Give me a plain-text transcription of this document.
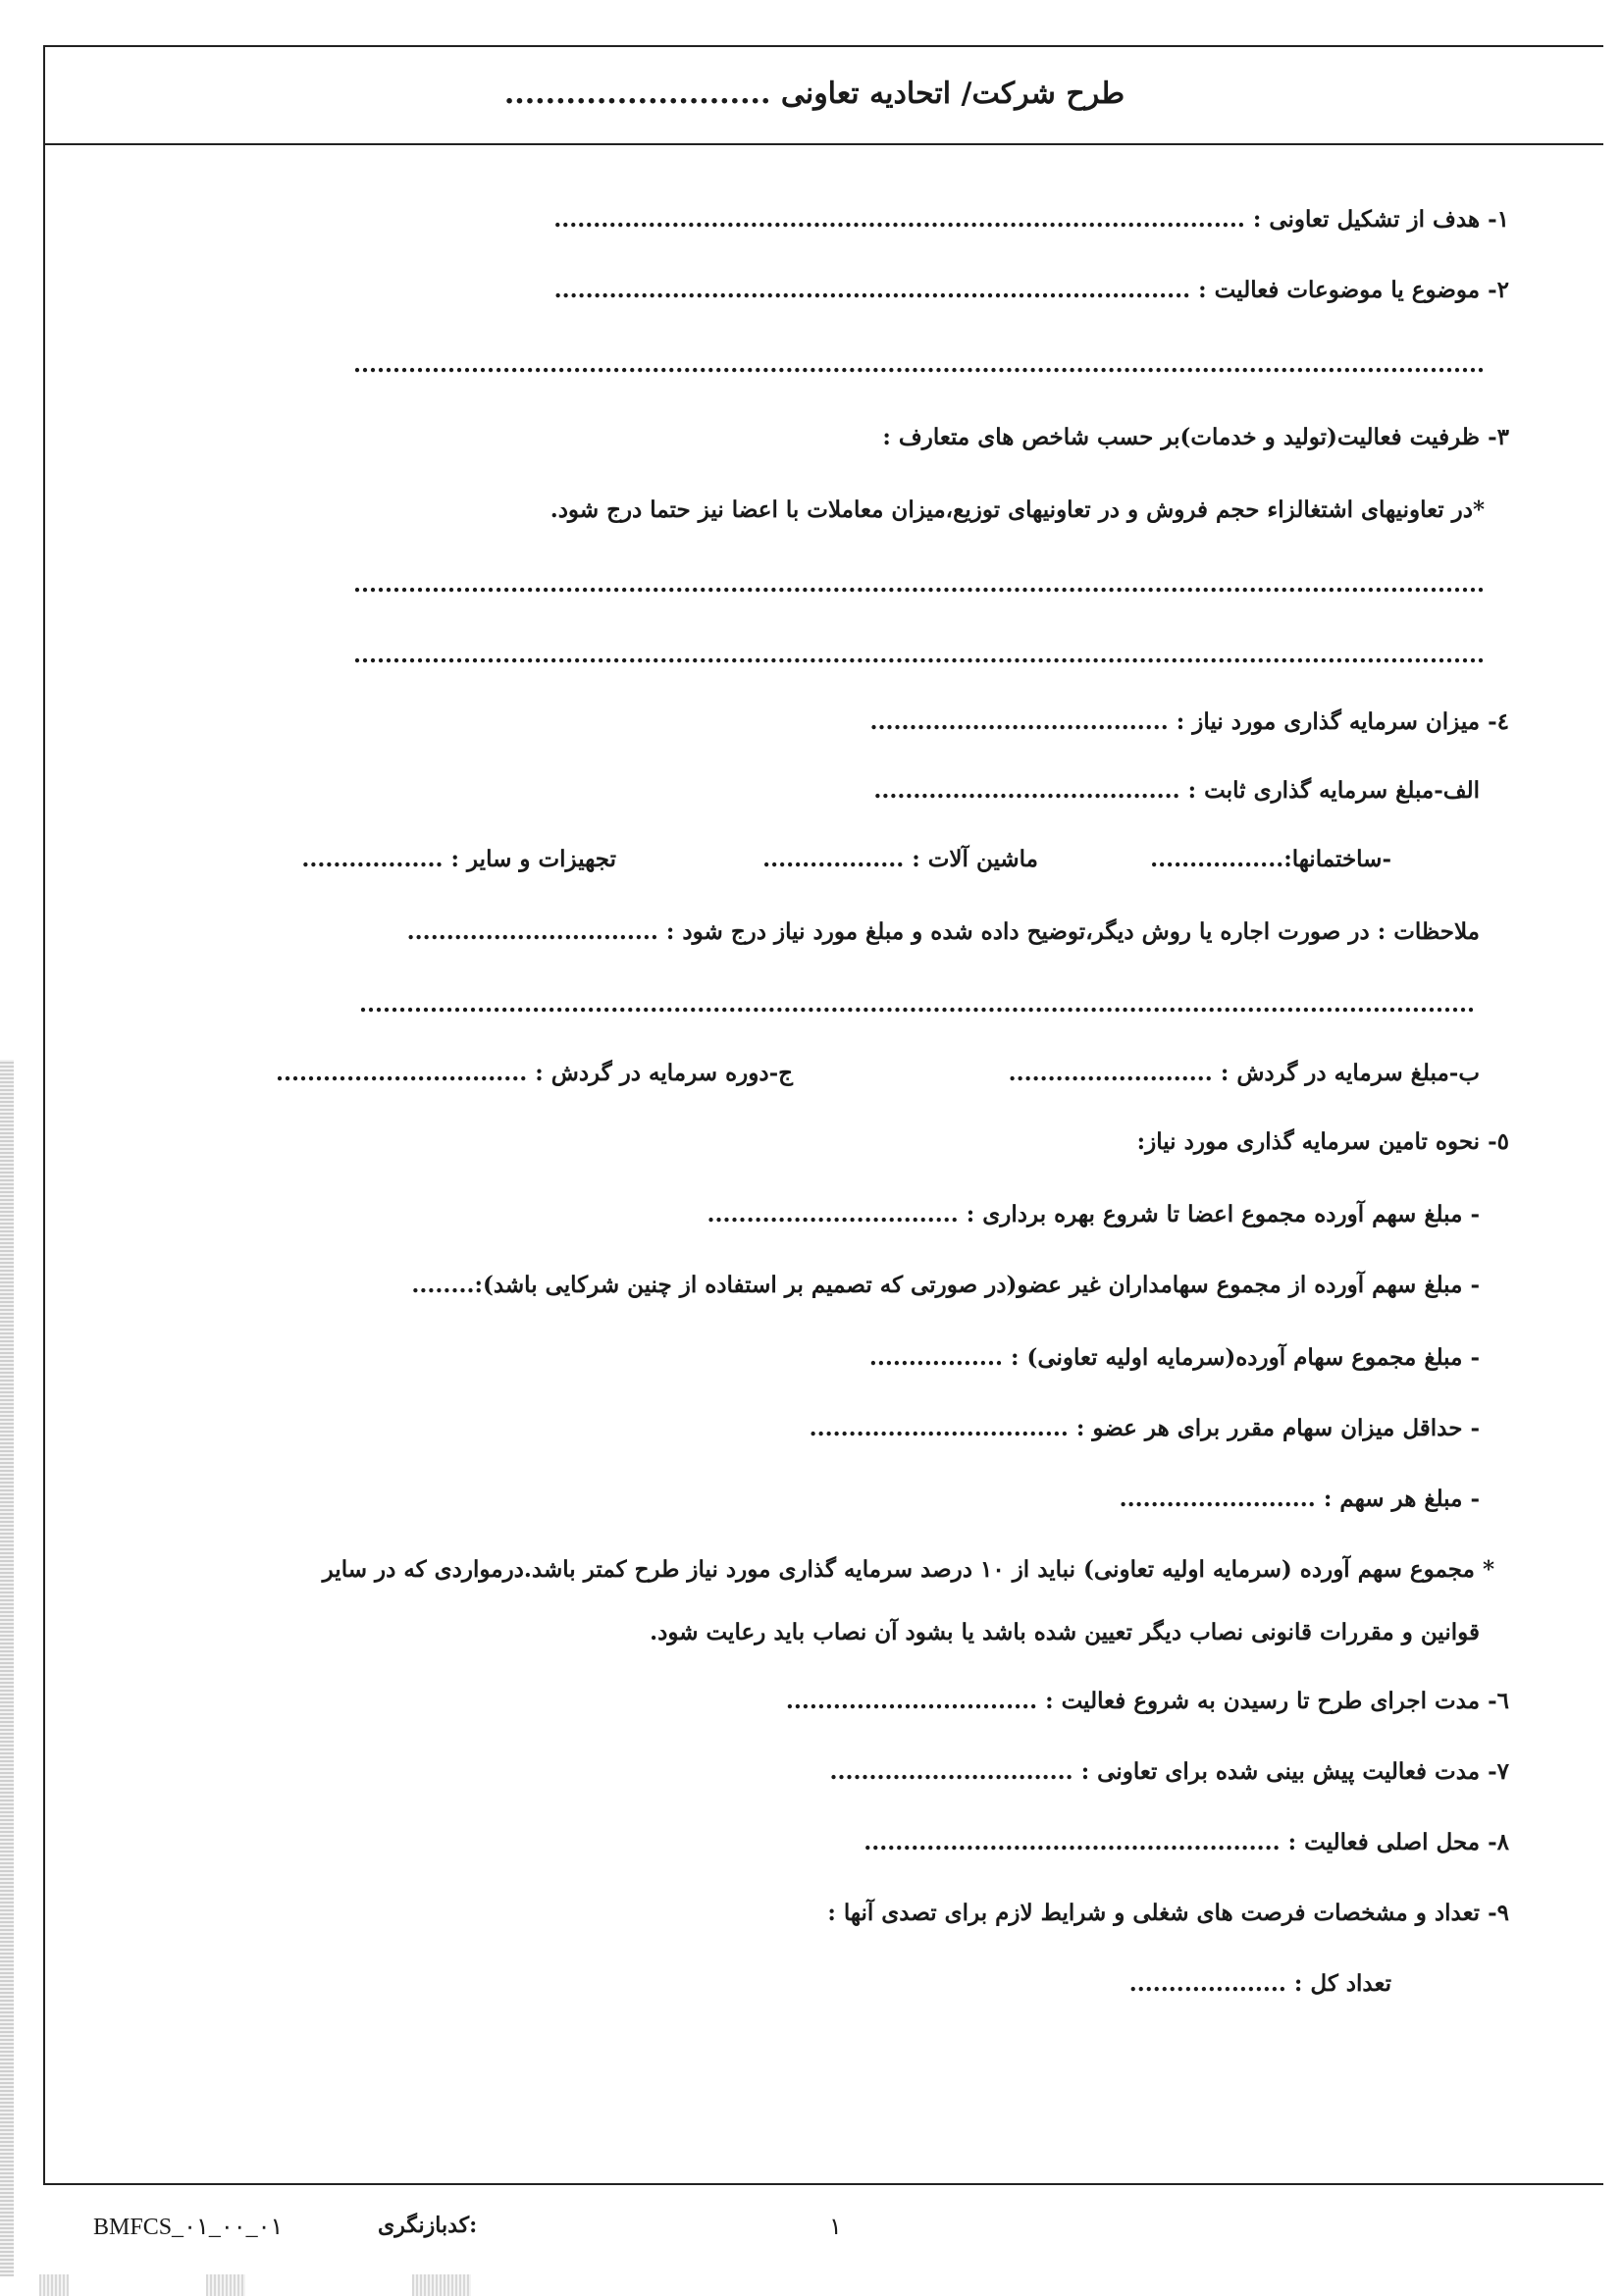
طرح شرکت/ اتحادیه تعاونی ..........................
١- هدف از تشکیل تعاونی : ........................................................................................
٢- موضوع یا موضوعات فعالیت : .................................................................................
................................................................................................................................................
٣- ظرفیت فعالیت(تولید و خدمات)بر حسب شاخص های متعارف :
*در تعاونیهای اشتغالزاء حجم فروش و در تعاونیهای توزیع،میزان معاملات با اعضا نیز حتما درج شود.
................................................................................................................................................
................................................................................................................................................
٤- میزان سرمایه گذاری مورد نیاز : ......................................
الف-مبلغ سرمایه گذاری ثابت : .......................................
-ساختمانها:.................
ماشین آلات : ..................
تجهیزات و سایر : ..................
ملاحظات : در صورت اجاره یا روش دیگر،توضیح داده شده و مبلغ مورد نیاز درج شود : ................................
..............................................................................................................................................
ب-مبلغ سرمایه در گردش : ..........................
ج-دوره سرمایه در گردش : ................................
٥- نحوه تامین سرمایه گذاری مورد نیاز:
- مبلغ سهم آورده مجموع اعضا تا شروع بهره برداری : ................................
- مبلغ سهم آورده از مجموع سهامداران غیر عضو(در صورتی که تصمیم بر استفاده از چنین شرکایی باشد):........
- مبلغ مجموع سهام آورده(سرمایه اولیه تعاونی) : .................
- حداقل میزان سهام مقرر برای هر عضو : .................................
- مبلغ هر سهم : .........................
* مجموع سهم آورده (سرمایه اولیه تعاونی) نباید از ١٠ درصد سرمایه گذاری مورد نیاز طرح کمتر باشد.درمواردی که در سایر
قوانین و مقررات قانونی نصاب دیگر تعیین شده باشد یا بشود آن نصاب باید رعایت شود.
٦- مدت اجرای طرح تا رسیدن به شروع فعالیت : ................................
٧- مدت فعالیت پیش بینی شده برای تعاونی : ...............................
٨- محل اصلی فعالیت : .....................................................
٩- تعداد و مشخصات فرصت های شغلی و شرایط لازم برای تصدی آنها :
تعداد کل : ....................
١
کدبازنگری:
BMFCS_٠١_٠٠_٠١
